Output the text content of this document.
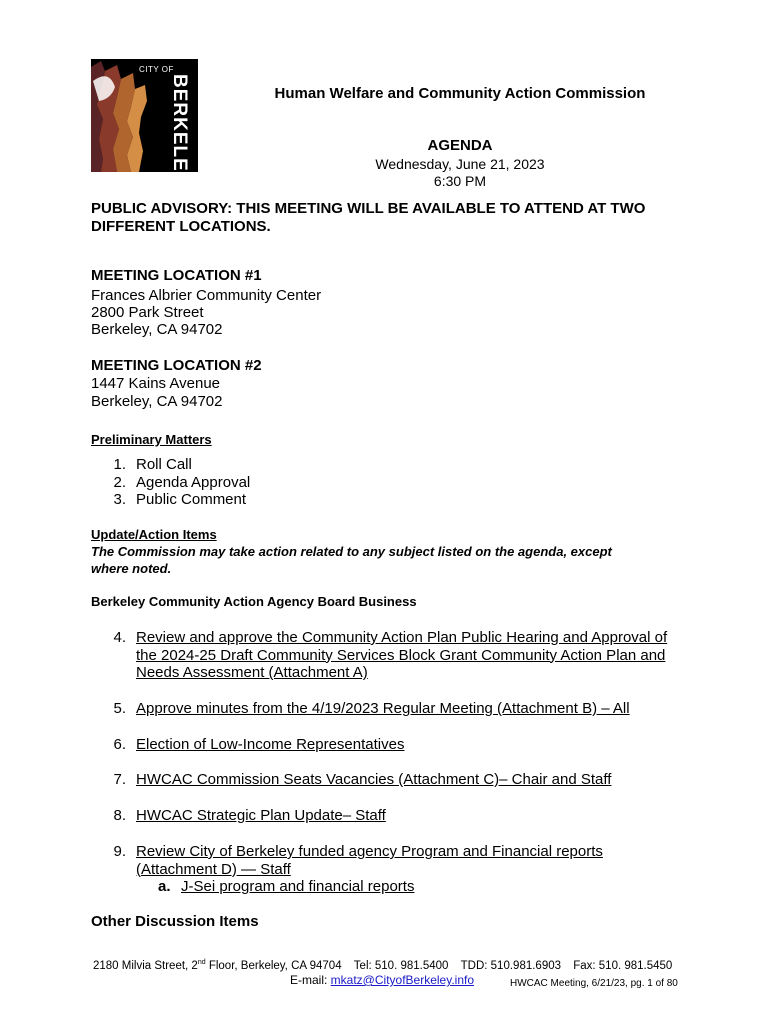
CITY OF
BERKELEY	Human Welfare and Community Action Commission
AGENDA
Wednesday, June 21, 2023
6:30 PM
PUBLIC ADVISORY: THIS MEETING WILL BE AVAILABLE TO ATTEND AT TWO
DIFFERENT LOCATIONS.
MEETING LOCATION #1
Frances Albrier Community Center
2800 Park Street
Berkeley, CA 94702
MEETING LOCATION #2
1447 Kains Avenue
Berkeley, CA 94702
Preliminary Matters
1. Roll Call
2. Agenda Approval
3. Public Comment
Update/Action Items
The Commission may take action related to any subject listed on the agenda, except
where noted.
Berkeley Community Action Agency Board Business
4. Review and approve the Community Action Plan Public Hearing and Approval of
the 2024-25 Draft Community Services Block Grant Community Action Plan and
Needs Assessment (Attachment A)
5. Approve minutes from the 4/19/2023 Regular Meeting (Attachment B) – All
6. Election of Low-Income Representatives
7. HWCAC Commission Seats Vacancies (Attachment C)– Chair and Staff
8. HWCAC Strategic Plan Update– Staff
9. Review City of Berkeley funded agency Program and Financial reports
(Attachment D) — Staff
a. J-Sei program and financial reports
Other Discussion Items
2180 Milvia Street, 2nd Floor, Berkeley, CA 94704 Tel: 510. 981.5400 TDD: 510.981.6903 Fax: 510. 981.5450
E-mail: mkatz@CityofBerkeley.info	HWCAC Meeting, 6/21/23, pg. 1 of 80
